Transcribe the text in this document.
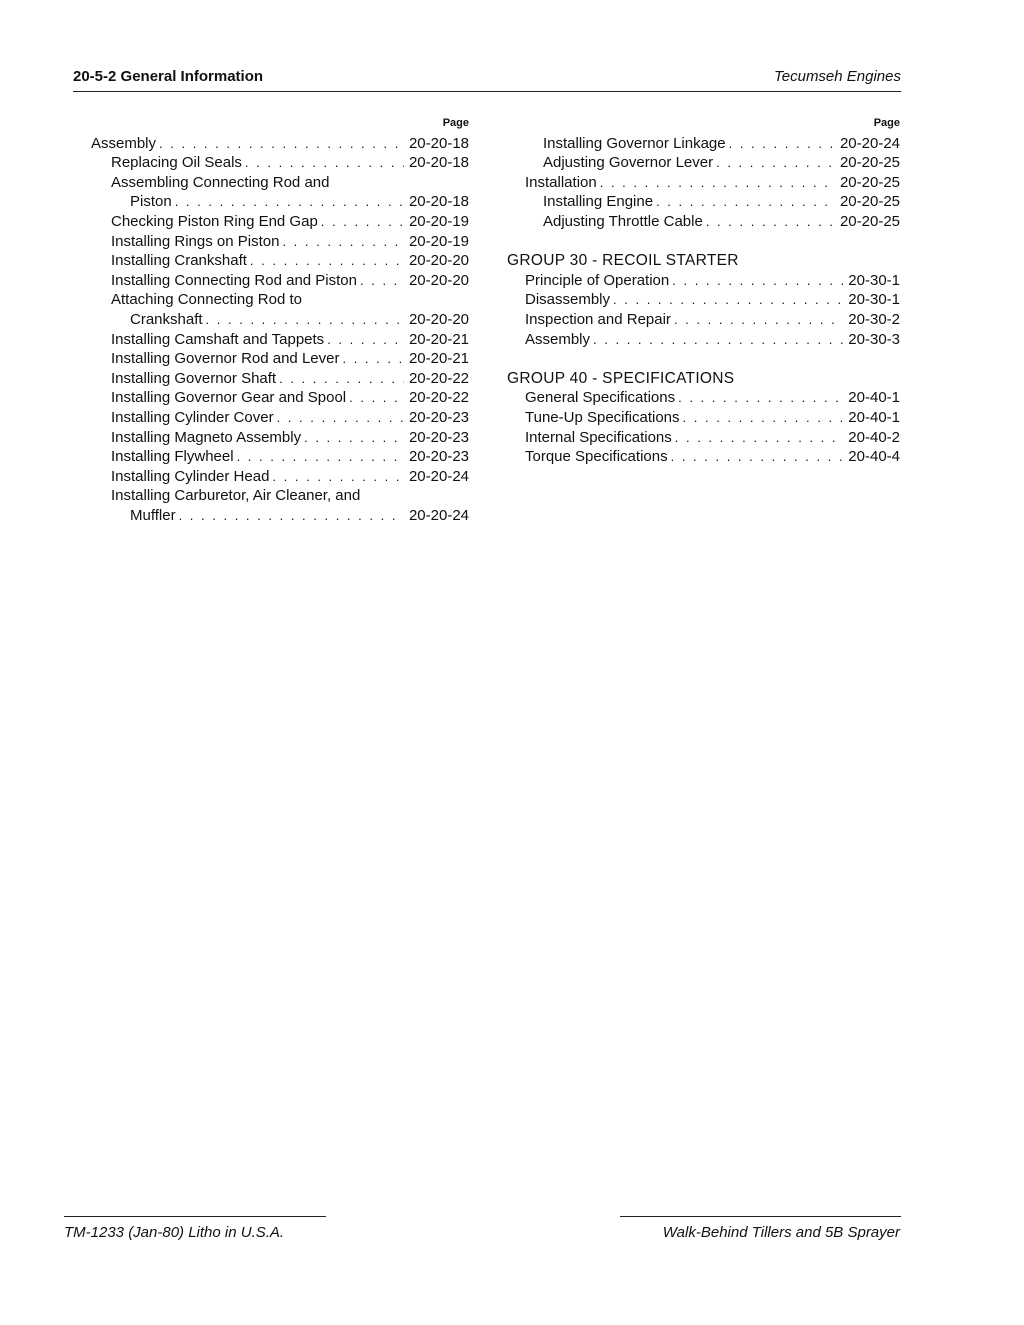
20-5-2 General Information	Tecumseh Engines
Page
Assembly . . .	20-20-18
Replacing Oil Seals . . .	20-20-18
Assembling Connecting Rod and
Piston . . .	20-20-18
Checking Piston Ring End Gap . . .	20-20-19
Installing Rings on Piston . . .	20-20-19
Installing Crankshaft . . .	20-20-20
Installing Connecting Rod and Piston . . .	20-20-20
Attaching Connecting Rod to
Crankshaft . . .	20-20-20
Installing Camshaft and Tappets . . .	20-20-21
Installing Governor Rod and Lever . . .	20-20-21
Installing Governor Shaft . . .	20-20-22
Installing Governor Gear and Spool . . .	20-20-22
Installing Cylinder Cover . . .	20-20-23
Installing Magneto Assembly . . .	20-20-23
Installing Flywheel . . .	20-20-23
Installing Cylinder Head . . .	20-20-24
Installing Carburetor, Air Cleaner, and
Muffler . . .	20-20-24
Page
Installing Governor Linkage . . .	20-20-24
Adjusting Governor Lever . . .	20-20-25
Installation . . .	20-20-25
Installing Engine . . .	20-20-25
Adjusting Throttle Cable . . .	20-20-25
GROUP 30 - RECOIL STARTER
Principle of Operation . . .	20-30-1
Disassembly . . .	20-30-1
Inspection and Repair . . .	20-30-2
Assembly . . .	20-30-3
GROUP 40 - SPECIFICATIONS
General Specifications . . .	20-40-1
Tune-Up Specifications . . .	20-40-1
Internal Specifications . . .	20-40-2
Torque Specifications . . .	20-40-4
TM-1233 (Jan-80) Litho in U.S.A.	Walk-Behind Tillers and 5B Sprayer
